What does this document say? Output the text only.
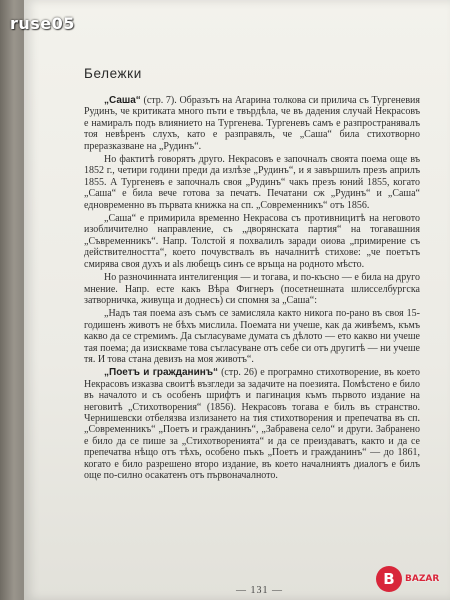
Бележки

„Саша“ (стр. 7). Образътъ на Агарина толкова си прилича съ Тургеневия Рудинъ, че критиката много пъти е твърдѣла, че въ дадения случай Некрасовъ е намиралъ подъ влиянието на Тургенева. Тургеневъ самъ е разпространявалъ тоя невѣренъ слухъ, като е разправялъ, че „Саша“ била стихотворно преразказване на „Рудинъ“.

Но фактитѣ говорятъ друго. Некрасовъ е започналъ своята поема още въ 1852 г., четири години преди да излѣзе „Рудинъ“, и я завършилъ презъ априлъ 1855. А Тургеневъ е започналъ своя „Рудинъ“ чакъ презъ юний 1855, когато „Саша“ е била вече готова за печатъ. Печатани сж „Рудинъ“ и „Саша“ едновременно въ първата книжка на сп. „Современникъ“ отъ 1856.

„Саша“ е примирила временно Некрасова съ противницитѣ на неговото изобличително направление, съ „дворянската партия“ на тогавашния „Съвременникъ“. Напр. Толстой я похвалилъ заради оиова „примирение съ действителността“, което почувствалъ въ началнитѣ стихове: „че поетътъ смирява своя духъ и als любещъ синъ се връща на родното мѣсто.

Но разночинната интелигенция — и тогава, и по-късно — е била на друго мнение. Напр. есте какъ Вѣра Фигнеръ (посетнешната шлисселбургска затворничка, живуща и доднесъ) си спомня за „Саша“:

„Надъ тая поема азъ съмъ се замисляла както никога по-рано въ своя 15-годишенъ животъ не бѣхъ мислила. Поемата ни учеше, как да живѣемъ, къмъ какво да се стремимъ. Да съгласуваме думата съ дѣлото — ето какво ни учеше тая поема; да изискваме това съгласуване отъ себе си отъ другитѣ — ни учеше тя. И това стана девизъ на моя животъ“.

„Поетъ и гражданинъ“ (стр. 26) е програмно стихотворение, въ което Некрасовъ изказва своитѣ възгледи за задачите на поезията. Помѣстено е било въ началото и съ особенъ шрифтъ и пагинация къмъ първото издание на неговитѣ „Стихотворения“ (1856). Некрасовъ тогава е билъ въ странство. Чернишевски отбелязва излизането на тия стихотворения и препечатва въ сп. „Современникъ“ „Поетъ и гражданинъ“, „Забравена село“ и други. Забранено е било да се пише за „Стихотворенията“ и да се преиздаватъ, както и да се препечатва нѣщо отъ тѣхъ, особено пъкъ „Поетъ и гражданинъ“ — до 1861, когато е било разрешено второ издание, въ което началниятъ диалогъ е билъ още по-силно осакатенъ отъ първоначалното.

— 131 —
ruse05
B	BAZAR
